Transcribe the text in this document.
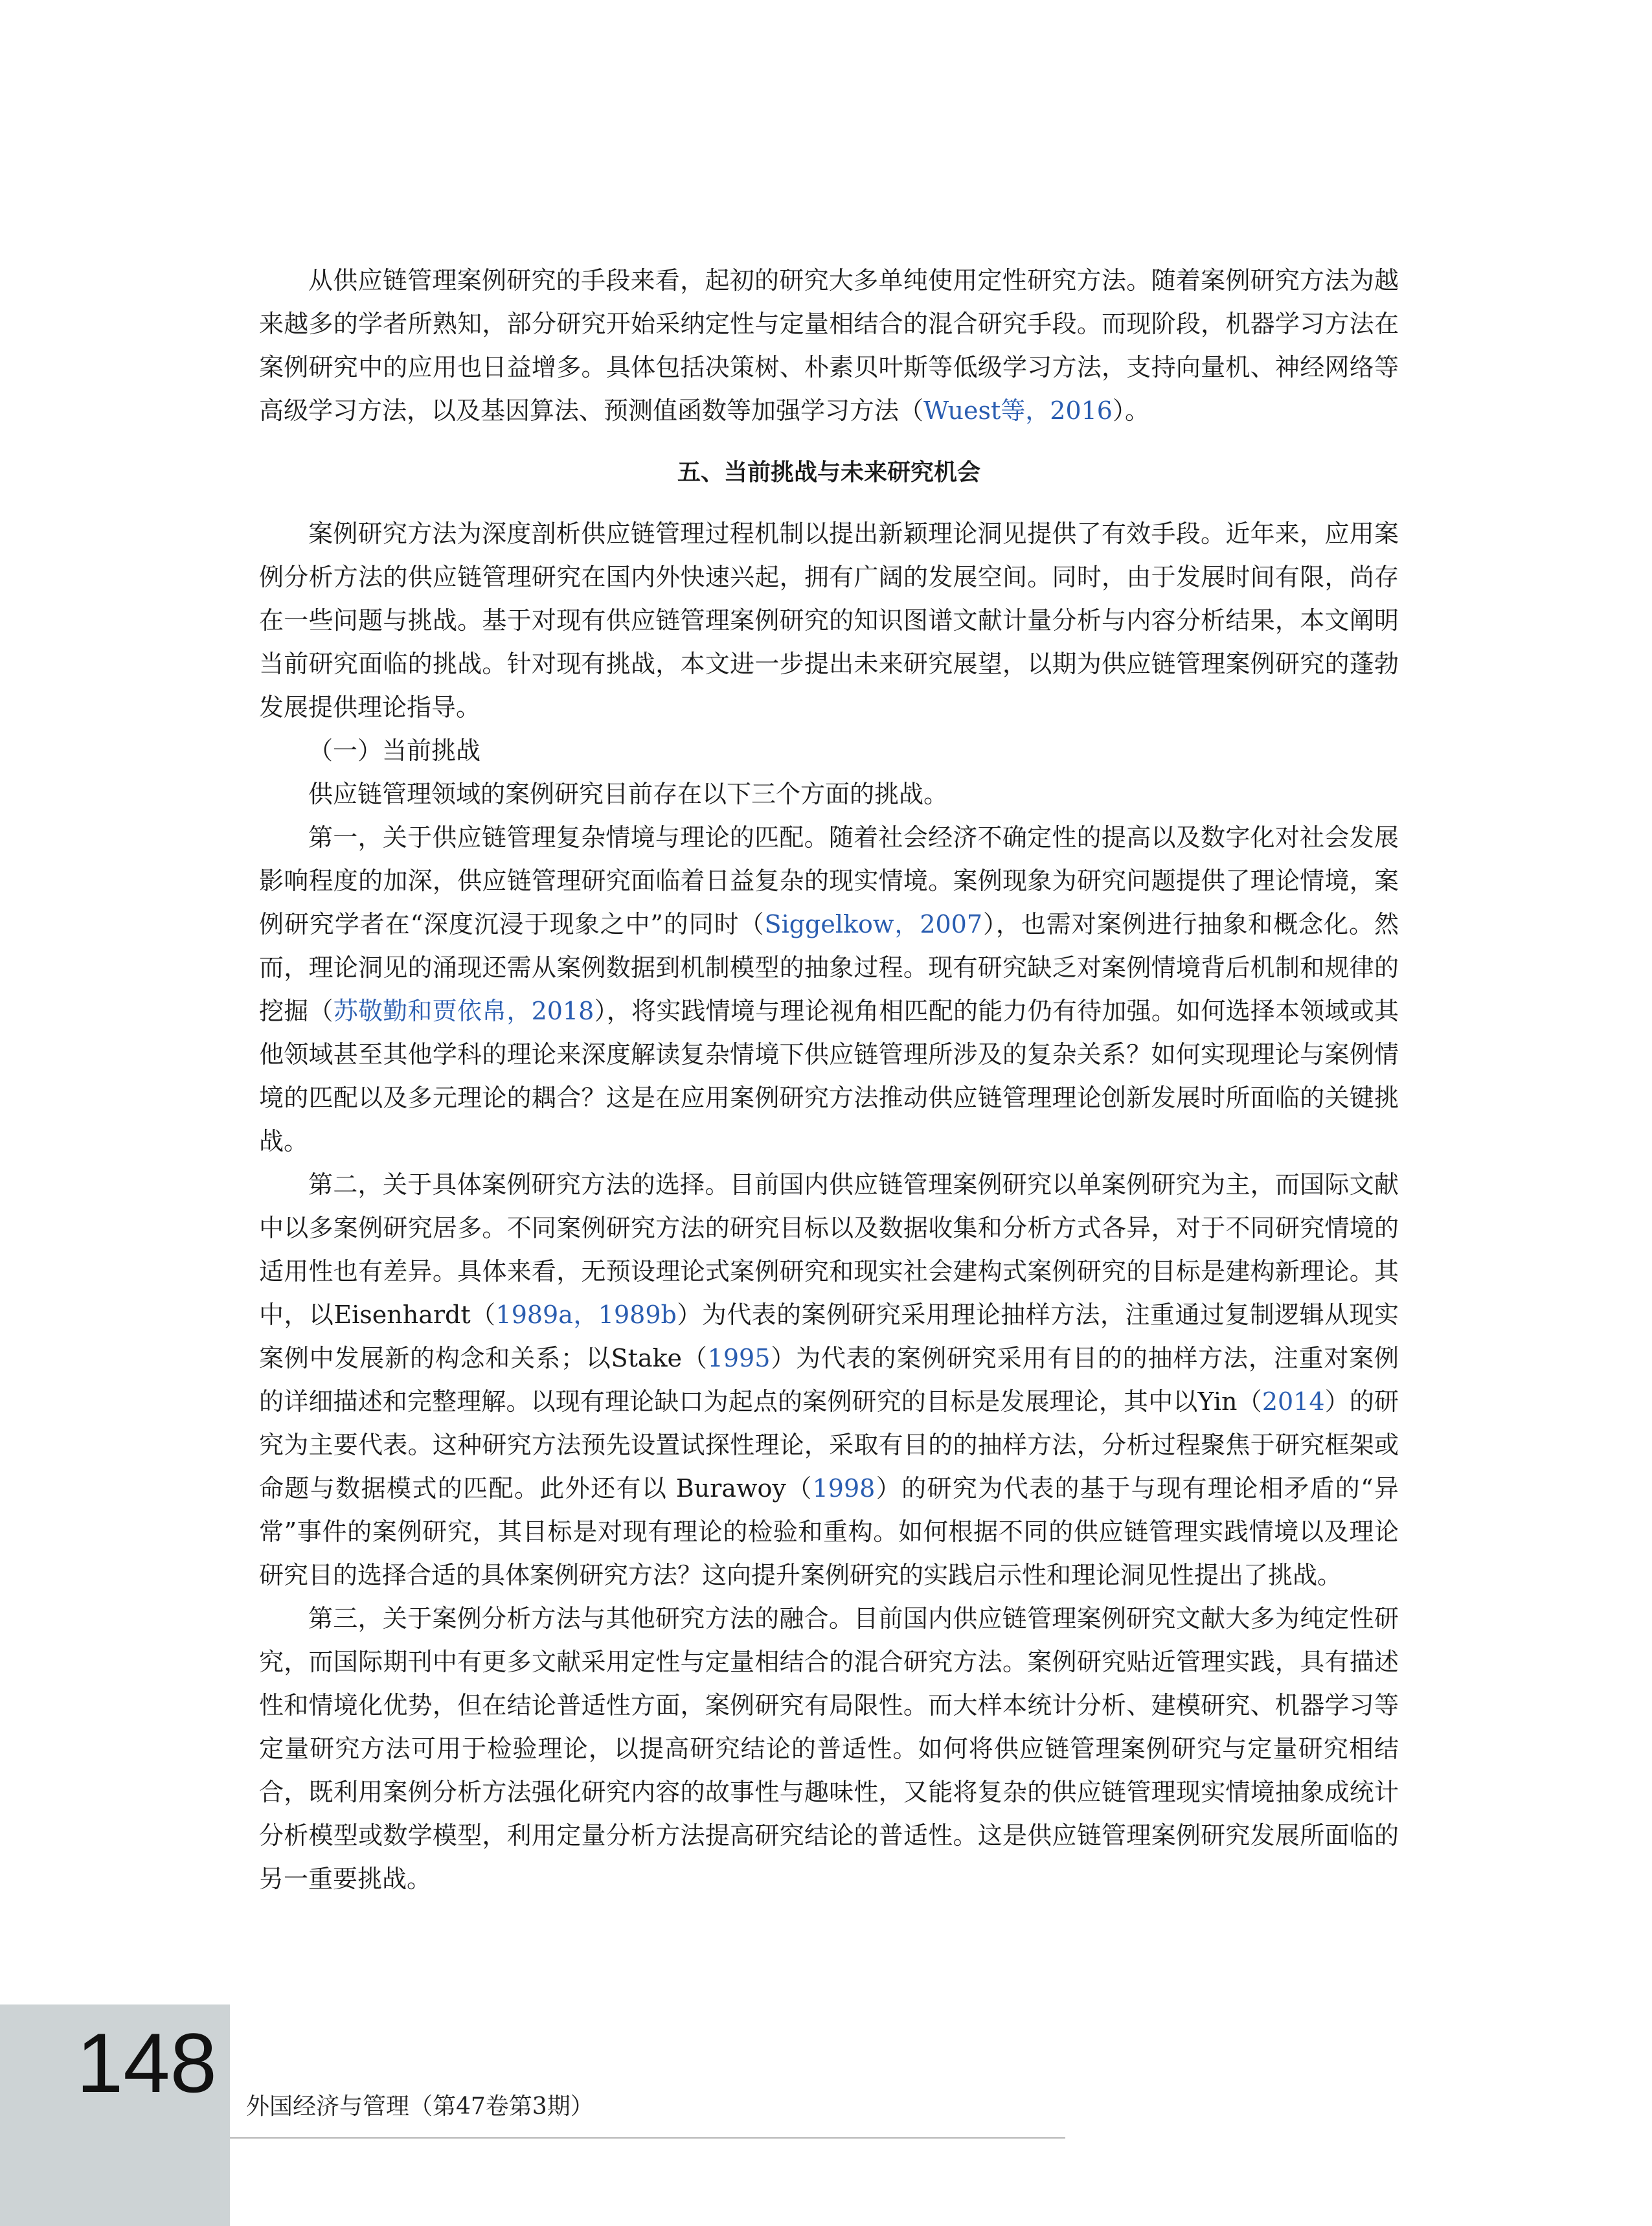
从供应链管理案例研究的手段来看，起初的研究大多单纯使用定性研究方法。随着案例研究方法为越来越多的学者所熟知，部分研究开始采纳定性与定量相结合的混合研究手段。而现阶段，机器学习方法在案例研究中的应用也日益增多。具体包括决策树、朴素贝叶斯等低级学习方法，支持向量机、神经网络等高级学习方法，以及基因算法、预测值函数等加强学习方法（Wuest等，2016）。

五、当前挑战与未来研究机会

案例研究方法为深度剖析供应链管理过程机制以提出新颖理论洞见提供了有效手段。近年来，应用案例分析方法的供应链管理研究在国内外快速兴起，拥有广阔的发展空间。同时，由于发展时间有限，尚存在一些问题与挑战。基于对现有供应链管理案例研究的知识图谱文献计量分析与内容分析结果，本文阐明当前研究面临的挑战。针对现有挑战，本文进一步提出未来研究展望，以期为供应链管理案例研究的蓬勃发展提供理论指导。

（一）当前挑战

供应链管理领域的案例研究目前存在以下三个方面的挑战。

第一，关于供应链管理复杂情境与理论的匹配。随着社会经济不确定性的提高以及数字化对社会发展影响程度的加深，供应链管理研究面临着日益复杂的现实情境。案例现象为研究问题提供了理论情境，案例研究学者在“深度沉浸于现象之中”的同时（Siggelkow，2007），也需对案例进行抽象和概念化。然而，理论洞见的涌现还需从案例数据到机制模型的抽象过程。现有研究缺乏对案例情境背后机制和规律的挖掘（苏敬勤和贾依帛，2018），将实践情境与理论视角相匹配的能力仍有待加强。如何选择本领域或其他领域甚至其他学科的理论来深度解读复杂情境下供应链管理所涉及的复杂关系？如何实现理论与案例情境的匹配以及多元理论的耦合？这是在应用案例研究方法推动供应链管理理论创新发展时所面临的关键挑战。

第二，关于具体案例研究方法的选择。目前国内供应链管理案例研究以单案例研究为主，而国际文献中以多案例研究居多。不同案例研究方法的研究目标以及数据收集和分析方式各异，对于不同研究情境的适用性也有差异。具体来看，无预设理论式案例研究和现实社会建构式案例研究的目标是建构新理论。其中，以Eisenhardt（1989a，1989b）为代表的案例研究采用理论抽样方法，注重通过复制逻辑从现实案例中发展新的构念和关系；以Stake（1995）为代表的案例研究采用有目的的抽样方法，注重对案例的详细描述和完整理解。以现有理论缺口为起点的案例研究的目标是发展理论，其中以Yin（2014）的研究为主要代表。这种研究方法预先设置试探性理论，采取有目的的抽样方法，分析过程聚焦于研究框架或命题与数据模式的匹配。此外还有以 Burawoy（1998）的研究为代表的基于与现有理论相矛盾的“异常”事件的案例研究，其目标是对现有理论的检验和重构。如何根据不同的供应链管理实践情境以及理论研究目的选择合适的具体案例研究方法？这向提升案例研究的实践启示性和理论洞见性提出了挑战。

第三，关于案例分析方法与其他研究方法的融合。目前国内供应链管理案例研究文献大多为纯定性研究，而国际期刊中有更多文献采用定性与定量相结合的混合研究方法。案例研究贴近管理实践，具有描述性和情境化优势，但在结论普适性方面，案例研究有局限性。而大样本统计分析、建模研究、机器学习等定量研究方法可用于检验理论，以提高研究结论的普适性。如何将供应链管理案例研究与定量研究相结合，既利用案例分析方法强化研究内容的故事性与趣味性，又能将复杂的供应链管理现实情境抽象成统计分析模型或数学模型，利用定量分析方法提高研究结论的普适性。这是供应链管理案例研究发展所面临的另一重要挑战。

148 外国经济与管理（第47卷第3期）
